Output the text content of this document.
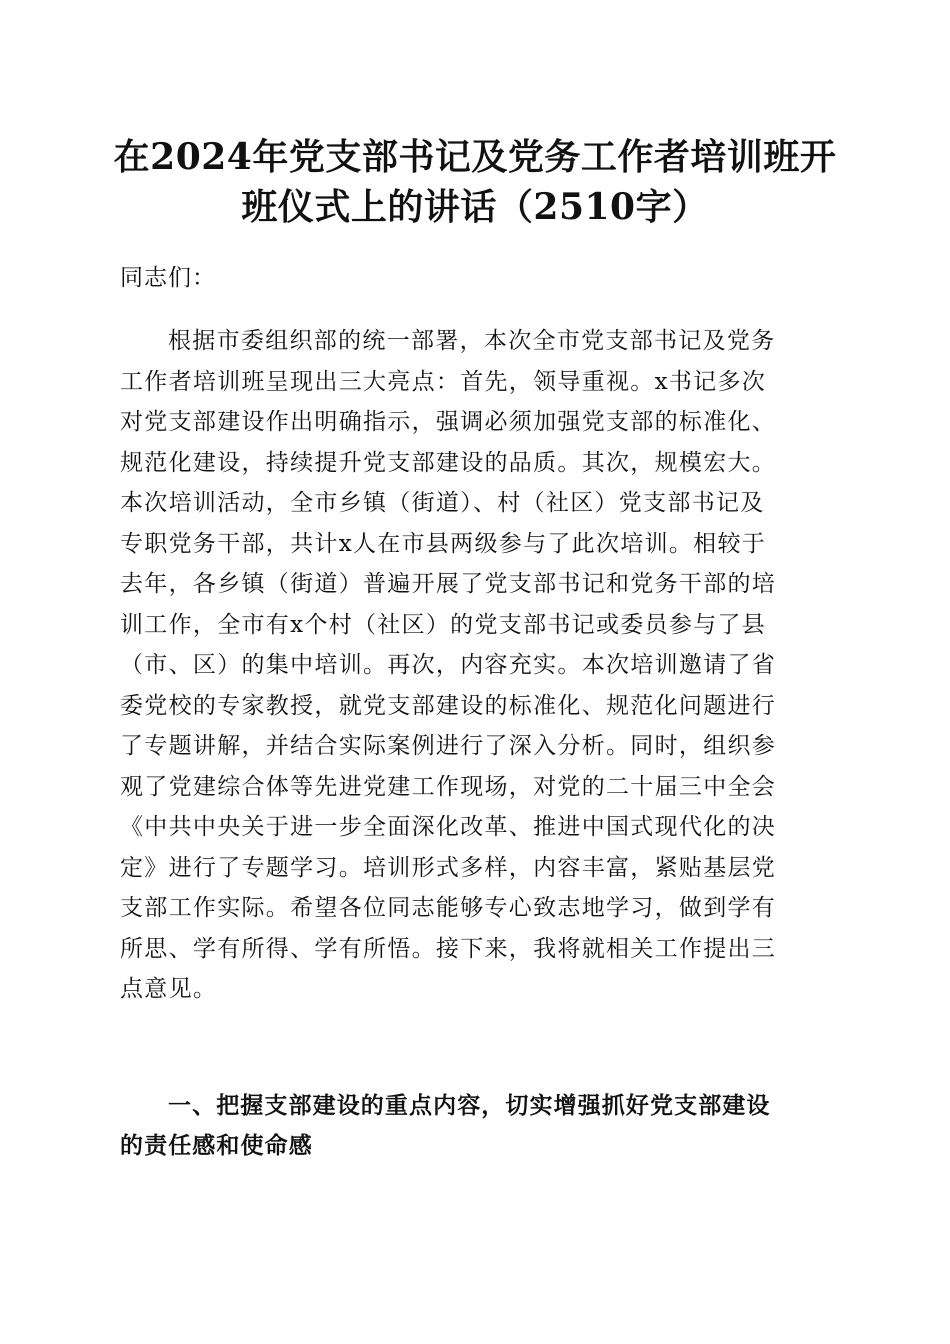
在2024年党支部书记及党务工作者培训班开
班仪式上的讲话（2510字）

同志们：

根据市委组织部的统一部署，本次全市党支部书记及党务
工作者培训班呈现出三大亮点：首先，领导重视。x书记多次
对党支部建设作出明确指示，强调必须加强党支部的标准化、
规范化建设，持续提升党支部建设的品质。其次，规模宏大。
本次培训活动，全市乡镇（街道）、村（社区）党支部书记及
专职党务干部，共计x人在市县两级参与了此次培训。相较于
去年，各乡镇（街道）普遍开展了党支部书记和党务干部的培
训工作，全市有x个村（社区）的党支部书记或委员参与了县
（市、区）的集中培训。再次，内容充实。本次培训邀请了省
委党校的专家教授，就党支部建设的标准化、规范化问题进行
了专题讲解，并结合实际案例进行了深入分析。同时，组织参
观了党建综合体等先进党建工作现场，对党的二十届三中全会
《中共中央关于进一步全面深化改革、推进中国式现代化的决
定》进行了专题学习。培训形式多样，内容丰富，紧贴基层党
支部工作实际。希望各位同志能够专心致志地学习，做到学有
所思、学有所得、学有所悟。接下来，我将就相关工作提出三
点意见。
一、把握支部建设的重点内容，切实增强抓好党支部建设
的责任感和使命感
